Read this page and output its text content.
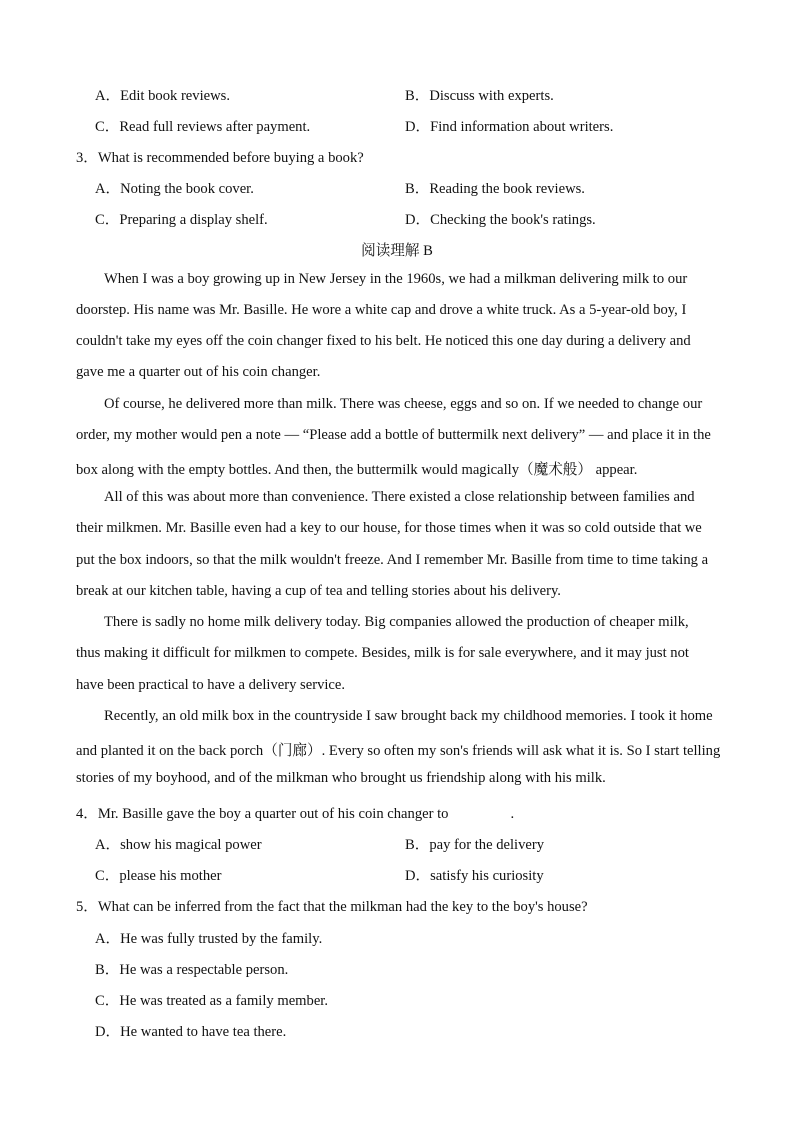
A．Edit book reviews.	B．Discuss with experts.
C．Read full reviews after payment.	D．Find information about writers.
3．What is recommended before buying a book?
A．Noting the book cover.	B．Reading the book reviews.
C．Preparing a display shelf.	D．Checking the book's ratings.
阅读理解 B
When I was a boy growing up in New Jersey in the 1960s, we had a milkman delivering milk to our
doorstep. His name was Mr. Basille. He wore a white cap and drove a white truck. As a 5-year-old boy, I
couldn't take my eyes off the coin changer fixed to his belt. He noticed this one day during a delivery and
gave me a quarter out of his coin changer.
Of course, he delivered more than milk. There was cheese, eggs and so on. If we needed to change our
order, my mother would pen a note — “Please add a bottle of buttermilk next delivery” — and place it in the
box along with the empty bottles. And then, the buttermilk would magically（魔术般） appear.
All of this was about more than convenience. There existed a close relationship between families and
their milkmen. Mr. Basille even had a key to our house, for those times when it was so cold outside that we
put the box indoors, so that the milk wouldn't freeze. And I remember Mr. Basille from time to time taking a
break at our kitchen table, having a cup of tea and telling stories about his delivery.
There is sadly no home milk delivery today. Big companies allowed the production of cheaper milk,
thus making it difficult for milkmen to compete. Besides, milk is for sale everywhere, and it may just not
have been practical to have a delivery service.
Recently, an old milk box in the countryside I saw brought back my childhood memories. I took it home
and planted it on the back porch（门廊）. Every so often my son's friends will ask what it is. So I start telling
stories of my boyhood, and of the milkman who brought us friendship along with his milk.
4．Mr. Basille gave the boy a quarter out of his coin changer to	.
A．show his magical power	B．pay for the delivery
C．please his mother	D．satisfy his curiosity
5．What can be inferred from the fact that the milkman had the key to the boy's house?
A．He was fully trusted by the family.
B．He was a respectable person.
C．He was treated as a family member.
D．He wanted to have tea there.
